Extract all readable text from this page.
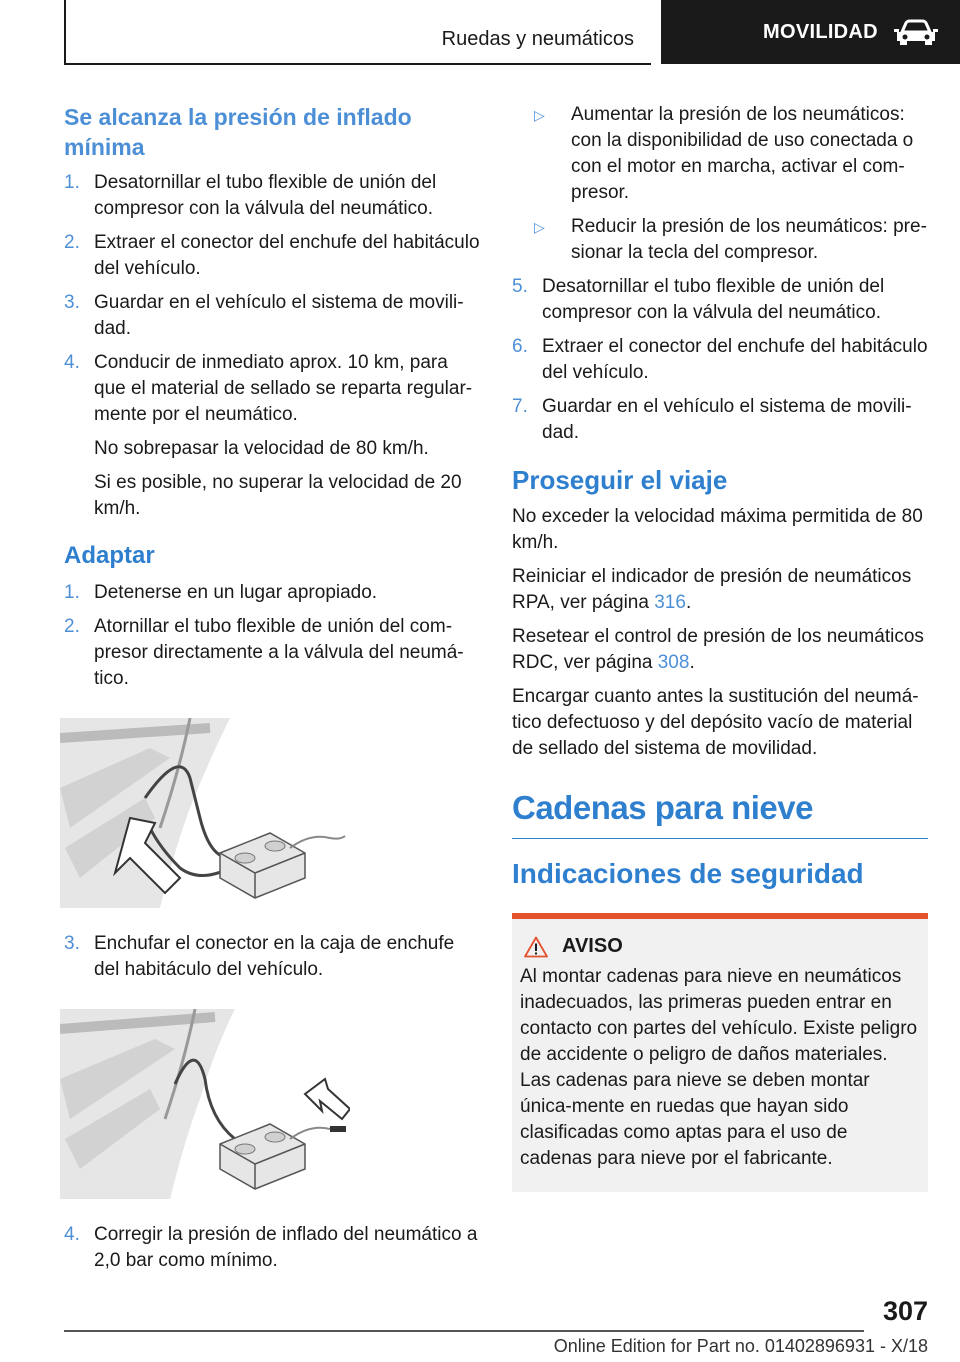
Ruedas y neumáticos	MOVILIDAD
Se alcanza la presión de inflado mínima
1. Desatornillar el tubo flexible de unión del compresor con la válvula del neumático.
2. Extraer el conector del enchufe del habitáculo del vehículo.
3. Guardar en el vehículo el sistema de movili-dad.
4. Conducir de inmediato aprox. 10 km, para que el material de sellado se reparta regular-mente por el neumático.
No sobrepasar la velocidad de 80 km/h.
Si es posible, no superar la velocidad de 20 km/h.
Adaptar
1. Detenerse en un lugar apropiado.
2. Atornillar el tubo flexible de unión del com-presor directamente a la válvula del neumá-tico.
3. Enchufar el conector en la caja de enchufe del habitáculo del vehículo.
4. Corregir la presión de inflado del neumático a 2,0 bar como mínimo.
▷	Aumentar la presión de los neumáticos: con la disponibilidad de uso conectada o con el motor en marcha, activar el com-presor.
▷	Reducir la presión de los neumáticos: pre-sionar la tecla del compresor.
5. Desatornillar el tubo flexible de unión del compresor con la válvula del neumático.
6. Extraer el conector del enchufe del habitáculo del vehículo.
7. Guardar en el vehículo el sistema de movili-dad.
Proseguir el viaje

No exceder la velocidad máxima permitida de 80 km/h.

Reiniciar el indicador de presión de neumáticos RPA, ver página 316.

Resetear el control de presión de los neumáticos RDC, ver página 308.

Encargar cuanto antes la sustitución del neumá-tico defectuoso y del depósito vacío de material de sellado del sistema de movilidad.

Cadenas para nieve
Indicaciones de seguridad
AVISO
Al montar cadenas para nieve en neumáticos inadecuados, las primeras pueden entrar en contacto con partes del vehículo. Existe peligro de accidente o peligro de daños materiales. Las cadenas para nieve se deben montar única-mente en ruedas que hayan sido clasificadas como aptas para el uso de cadenas para nieve por el fabricante.
307
Online Edition for Part no. 01402896931 - X/18
